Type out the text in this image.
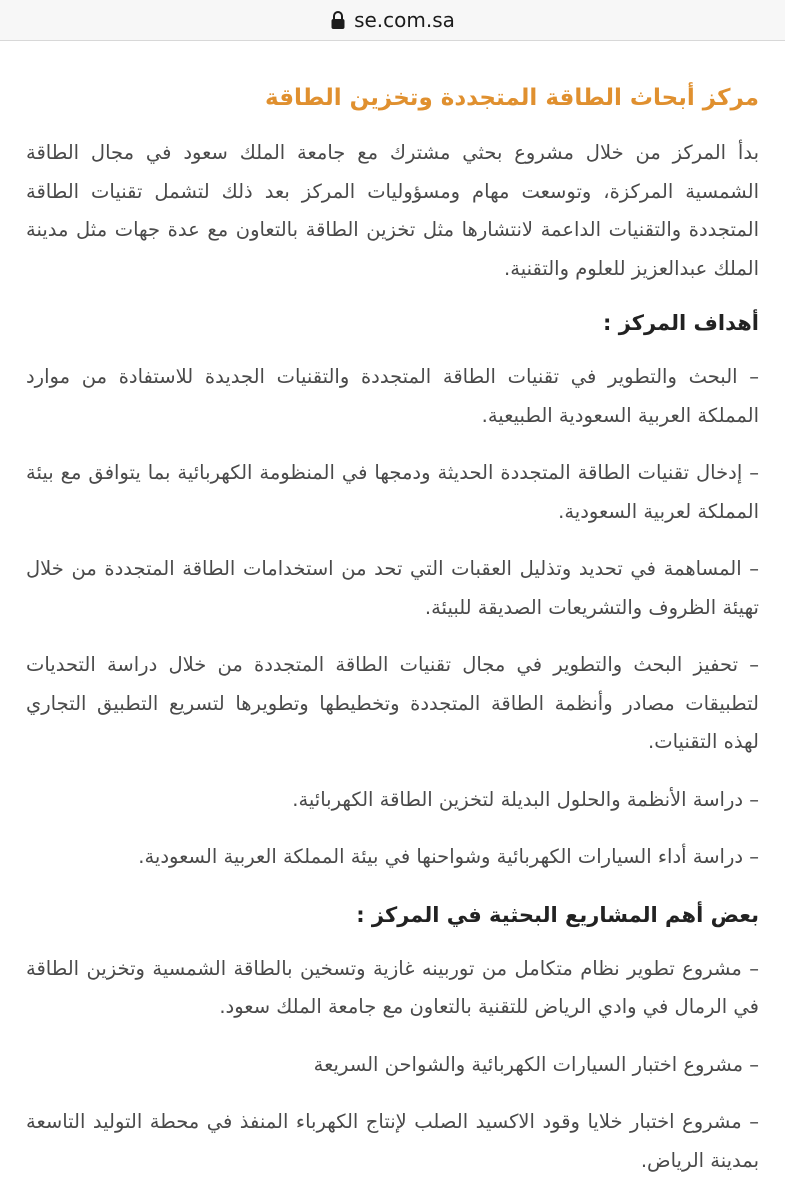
se.com.sa
مركز أبحاث الطاقة المتجددة وتخزين الطاقة

بدأ المركز من خلال مشروع بحثي مشترك مع جامعة الملك سعود في مجال الطاقة الشمسية المركزة، وتوسعت مهام ومسؤوليات المركز بعد ذلك لتشمل تقنيات الطاقة المتجددة والتقنيات الداعمة لانتشارها مثل تخزين الطاقة بالتعاون مع عدة جهات مثل مدينة الملك عبدالعزيز للعلوم والتقنية.

أهداف المركز :

– البحث والتطوير في تقنيات الطاقة المتجددة والتقنيات الجديدة للاستفادة من موارد المملكة العربية السعودية الطبيعية.

– إدخال تقنيات الطاقة المتجددة الحديثة ودمجها في المنظومة الكهربائية بما يتوافق مع بيئة المملكة لعربية السعودية.

– المساهمة في تحديد وتذليل العقبات التي تحد من استخدامات الطاقة المتجددة من خلال تهيئة الظروف والتشريعات الصديقة للبيئة.

– تحفيز البحث والتطوير في مجال تقنيات الطاقة المتجددة من خلال دراسة التحديات لتطبيقات مصادر وأنظمة الطاقة المتجددة وتخطيطها وتطويرها لتسريع التطبيق التجاري لهذه التقنيات.

– دراسة الأنظمة والحلول البديلة لتخزين الطاقة الكهربائية.

– دراسة أداء السيارات الكهربائية وشواحنها في بيئة المملكة العربية السعودية.

بعض أهم المشاريع البحثية في المركز :

– مشروع تطوير نظام متكامل من توربينه غازية وتسخين بالطاقة الشمسية وتخزين الطاقة في الرمال في وادي الرياض للتقنية بالتعاون مع جامعة الملك سعود.

– مشروع اختبار السيارات الكهربائية والشواحن السريعة

– مشروع اختبار خلايا وقود الاكسيد الصلب لإنتاج الكهرباء المنفذ في محطة التوليد التاسعة بمدينة الرياض.
